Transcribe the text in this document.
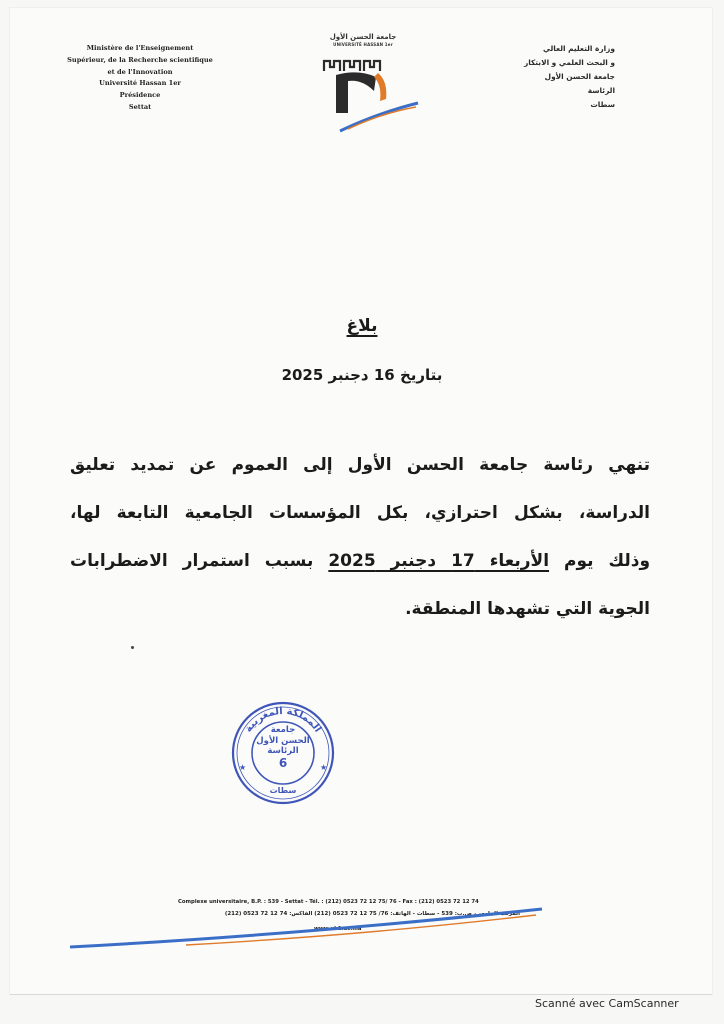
Ministère de l'Enseignement
Supérieur, de la Recherche scientifique
et de l'Innovation
Université Hassan 1er
Présidence
Settat
جامعة الحسن الأول
UNIVERSITÉ HASSAN 1er	وزارة التعليم العالي
و البحث العلمي و الابتكار
جامعة الحسن الأول
الرئاسة
سطات
بلاغ
بتاريخ 16 دجنبر 2025
تنهي رئاسة جامعة الحسن الأول إلى العموم عن تمديد تعليق
الدراسة، بشكل احترازي، بكل المؤسسات الجامعية التابعة لها،
وذلك يوم الأربعاء 17 دجنبر 2025 بسبب استمرار الاضطرابات
الجوية التي تشهدها المنطقة.
المملكة المغربية
★	★
جامعة
الحسن الأول
الرئاسة
6
سطات
Complexe universitaire, B.P. : 539 - Settat - Tél. : (212) 0523 72 12 75/ 76 - Fax : (212) 0523 72 12 74
المركب الجامعي، ص.ب: 539 - سطات - الهاتف: 76/ 75 12 72 0523 (212) الفاكس: 74 12 72 0523 (212)
www.uh1.ac.ma
Scanné avec CamScanner
